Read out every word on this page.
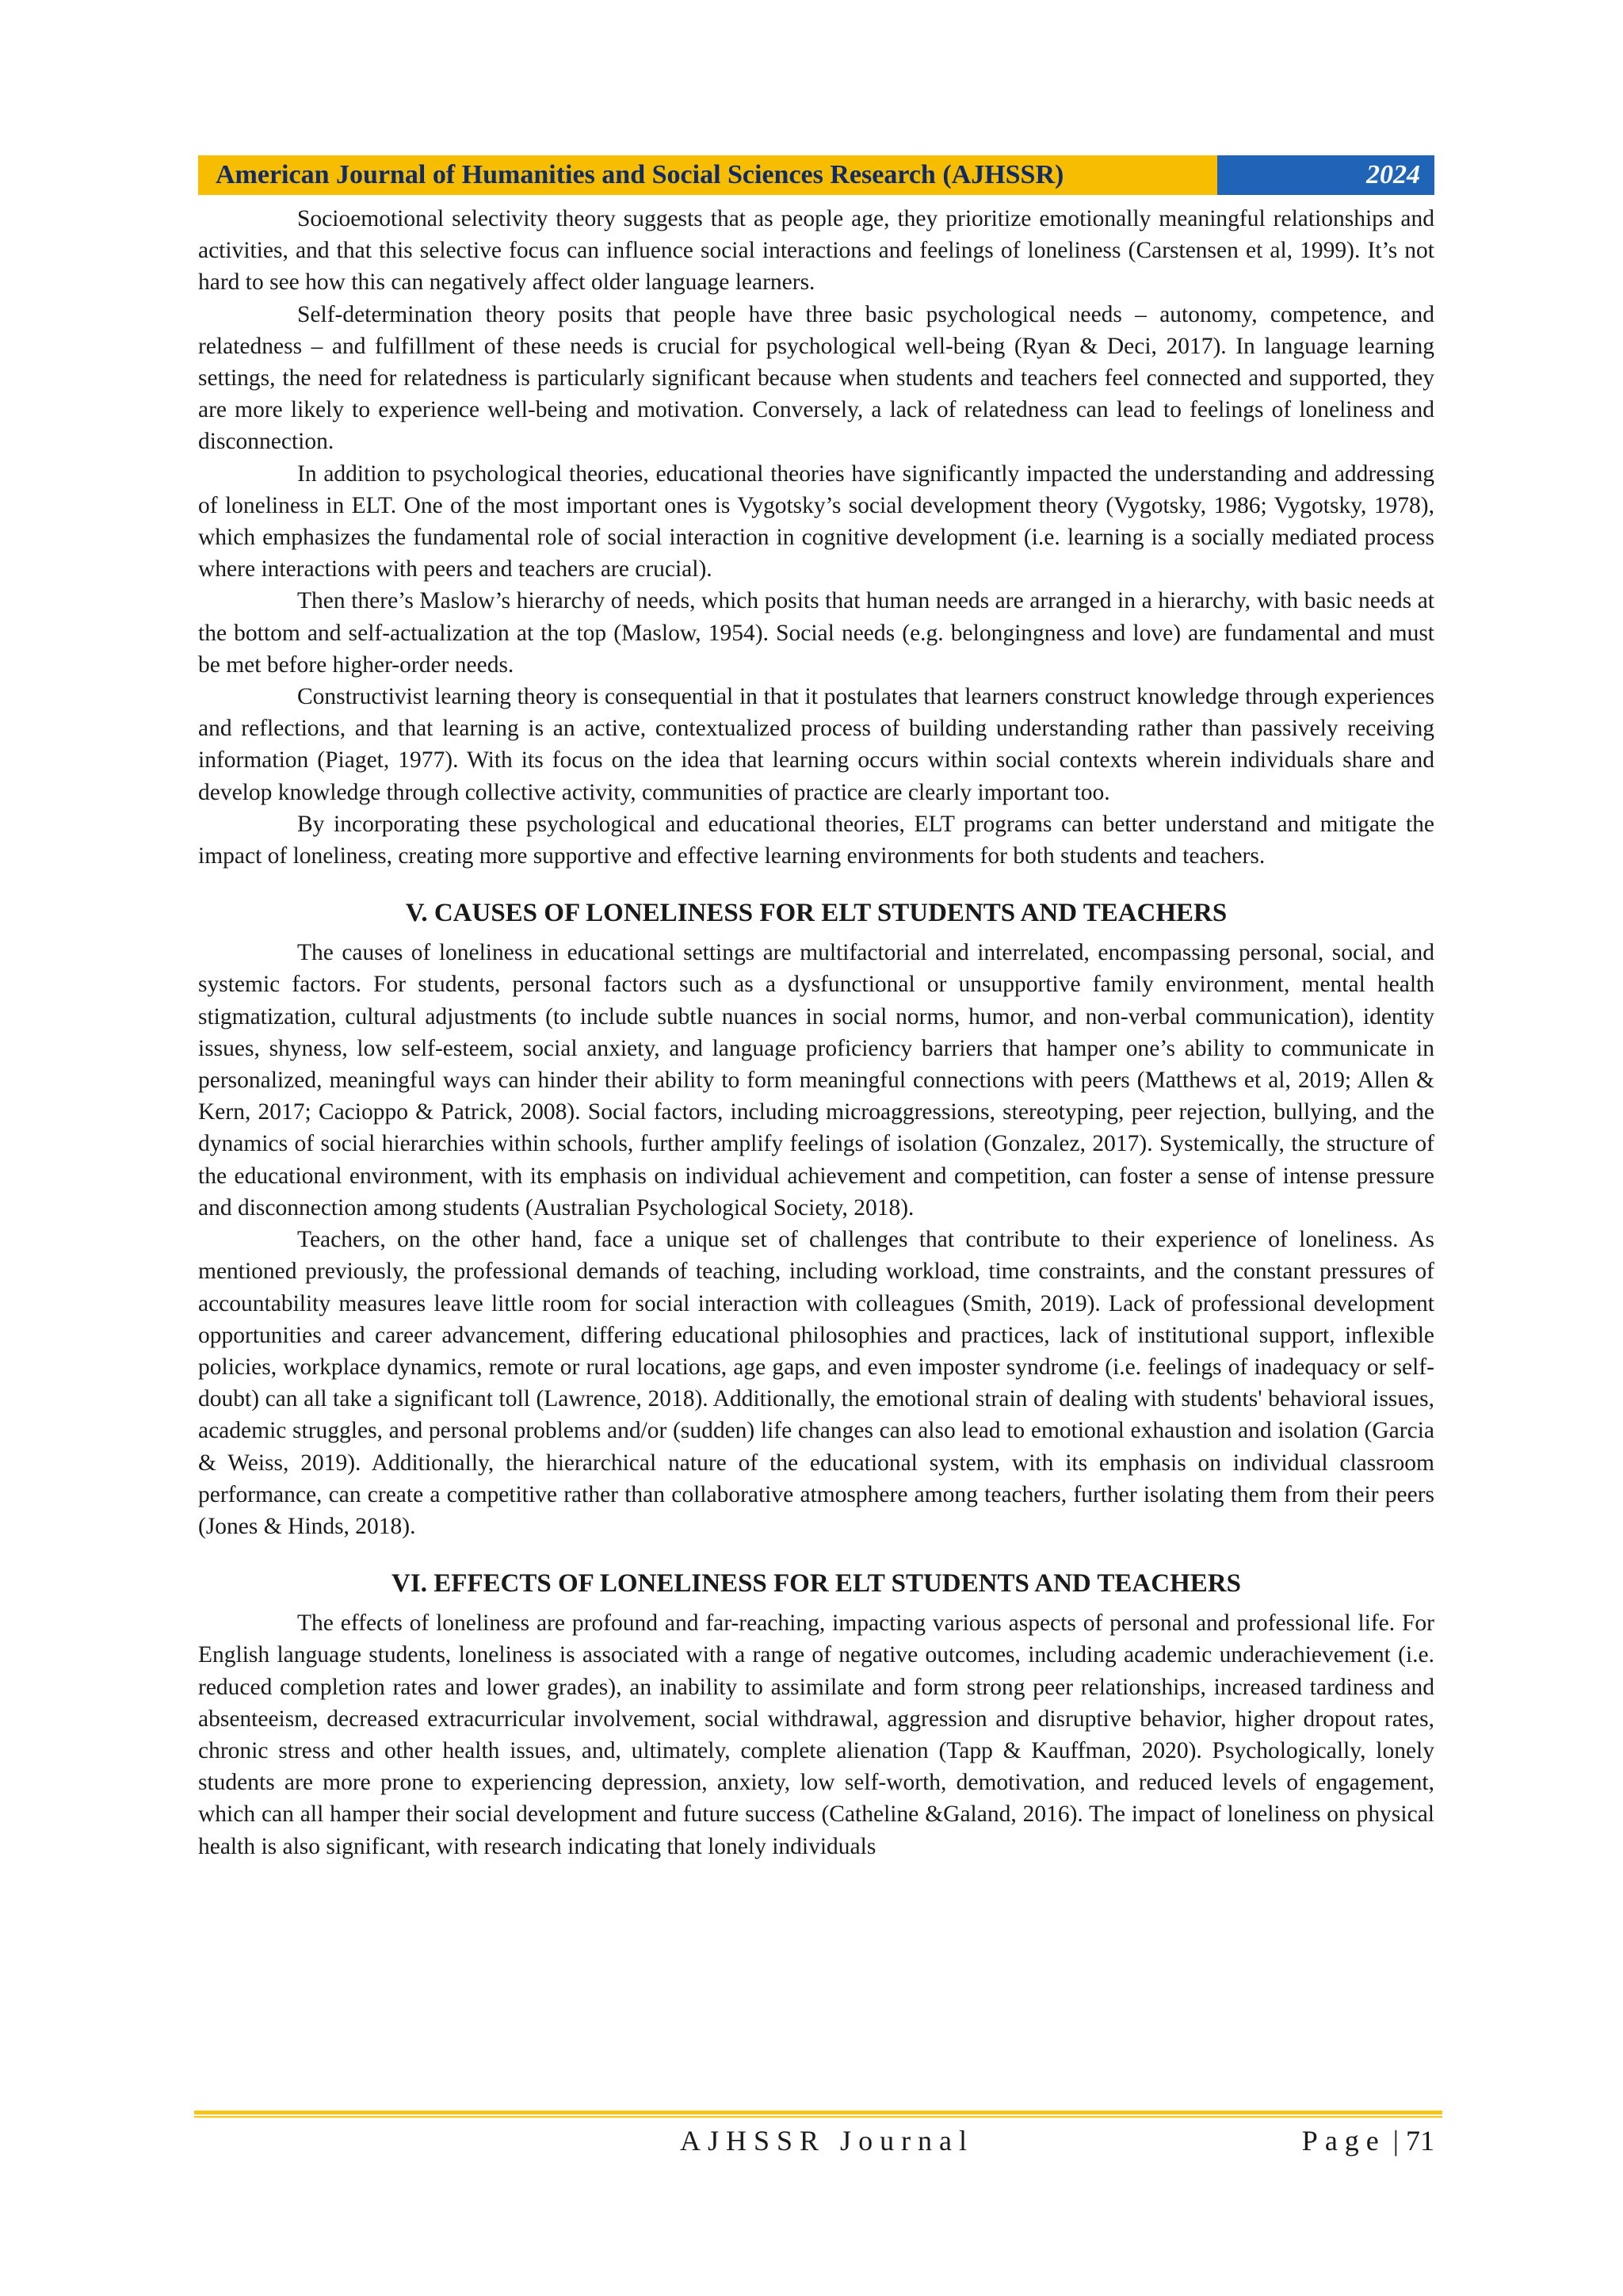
American Journal of Humanities and Social Sciences Research (AJHSSR)	2024

Socioemotional selectivity theory suggests that as people age, they prioritize emotionally meaningful relationships and activities, and that this selective focus can influence social interactions and feelings of loneliness (Carstensen et al, 1999). It’s not hard to see how this can negatively affect older language learners.

Self-determination theory posits that people have three basic psychological needs – autonomy, competence, and relatedness – and fulfillment of these needs is crucial for psychological well-being (Ryan & Deci, 2017). In language learning settings, the need for relatedness is particularly significant because when students and teachers feel connected and supported, they are more likely to experience well-being and motivation. Conversely, a lack of relatedness can lead to feelings of loneliness and disconnection.

In addition to psychological theories, educational theories have significantly impacted the understanding and addressing of loneliness in ELT. One of the most important ones is Vygotsky’s social development theory (Vygotsky, 1986; Vygotsky, 1978), which emphasizes the fundamental role of social interaction in cognitive development (i.e. learning is a socially mediated process where interactions with peers and teachers are crucial).

Then there’s Maslow’s hierarchy of needs, which posits that human needs are arranged in a hierarchy, with basic needs at the bottom and self-actualization at the top (Maslow, 1954). Social needs (e.g. belongingness and love) are fundamental and must be met before higher-order needs.

Constructivist learning theory is consequential in that it postulates that learners construct knowledge through experiences and reflections, and that learning is an active, contextualized process of building understanding rather than passively receiving information (Piaget, 1977). With its focus on the idea that learning occurs within social contexts wherein individuals share and develop knowledge through collective activity, communities of practice are clearly important too.

By incorporating these psychological and educational theories, ELT programs can better understand and mitigate the impact of loneliness, creating more supportive and effective learning environments for both students and teachers.

V. CAUSES OF LONELINESS FOR ELT STUDENTS AND TEACHERS

The causes of loneliness in educational settings are multifactorial and interrelated, encompassing personal, social, and systemic factors. For students, personal factors such as a dysfunctional or unsupportive family environment, mental health stigmatization, cultural adjustments (to include subtle nuances in social norms, humor, and non-verbal communication), identity issues, shyness, low self-esteem, social anxiety, and language proficiency barriers that hamper one’s ability to communicate in personalized, meaningful ways can hinder their ability to form meaningful connections with peers (Matthews et al, 2019; Allen & Kern, 2017; Cacioppo & Patrick, 2008). Social factors, including microaggressions, stereotyping, peer rejection, bullying, and the dynamics of social hierarchies within schools, further amplify feelings of isolation (Gonzalez, 2017). Systemically, the structure of the educational environment, with its emphasis on individual achievement and competition, can foster a sense of intense pressure and disconnection among students (Australian Psychological Society, 2018).

Teachers, on the other hand, face a unique set of challenges that contribute to their experience of loneliness. As mentioned previously, the professional demands of teaching, including workload, time constraints, and the constant pressures of accountability measures leave little room for social interaction with colleagues (Smith, 2019). Lack of professional development opportunities and career advancement, differing educational philosophies and practices, lack of institutional support, inflexible policies, workplace dynamics, remote or rural locations, age gaps, and even imposter syndrome (i.e. feelings of inadequacy or self-doubt) can all take a significant toll (Lawrence, 2018). Additionally, the emotional strain of dealing with students' behavioral issues, academic struggles, and personal problems and/or (sudden) life changes can also lead to emotional exhaustion and isolation (Garcia & Weiss, 2019). Additionally, the hierarchical nature of the educational system, with its emphasis on individual classroom performance, can create a competitive rather than collaborative atmosphere among teachers, further isolating them from their peers (Jones & Hinds, 2018).

VI. EFFECTS OF LONELINESS FOR ELT STUDENTS AND TEACHERS

The effects of loneliness are profound and far-reaching, impacting various aspects of personal and professional life. For English language students, loneliness is associated with a range of negative outcomes, including academic underachievement (i.e. reduced completion rates and lower grades), an inability to assimilate and form strong peer relationships, increased tardiness and absenteeism, decreased extracurricular involvement, social withdrawal, aggression and disruptive behavior, higher dropout rates, chronic stress and other health issues, and, ultimately, complete alienation (Tapp & Kauffman, 2020). Psychologically, lonely students are more prone to experiencing depression, anxiety, low self-worth, demotivation, and reduced levels of engagement, which can all hamper their social development and future success (Catheline &Galand, 2016). The impact of loneliness on physical health is also significant, with research indicating that lonely individuals

AJHSSR Journal	Page | 71
